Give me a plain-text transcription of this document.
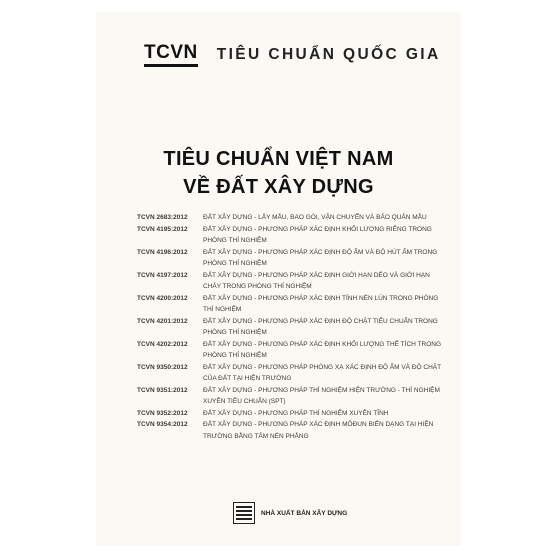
TCVN TIÊU CHUẨN QUỐC GIA
TIÊU CHUẨN VIỆT NAM
VỀ ĐẤT XÂY DỰNG
TCVN 2683:2012	ĐẤT XÂY DỰNG - LẤY MẪU, BAO GÓI, VẬN CHUYỂN VÀ BẢO QUẢN MẪU
TCVN 4195:2012	ĐẤT XÂY DỰNG - PHƯƠNG PHÁP XÁC ĐỊNH KHỐI LƯỢNG RIÊNG TRONG PHÒNG THÍ NGHIỆM
TCVN 4196:2012	ĐẤT XÂY DỰNG - PHƯƠNG PHÁP XÁC ĐỊNH ĐỘ ẨM VÀ ĐỘ HÚT ẨM TRONG PHÒNG THÍ NGHIỆM
TCVN 4197:2012	ĐẤT XÂY DỰNG - PHƯƠNG PHÁP XÁC ĐỊNH GIỚI HẠN DẺO VÀ GIỚI HẠN CHẢY TRONG PHÒNG THÍ NGHIỆM
TCVN 4200:2012	ĐẤT XÂY DỰNG - PHƯƠNG PHÁP XÁC ĐỊNH TÍNH NÉN LÚN TRONG PHÒNG THÍ NGHIỆM
TCVN 4201:2012	ĐẤT XÂY DỰNG - PHƯƠNG PHÁP XÁC ĐỊNH ĐỘ CHẶT TIÊU CHUẨN TRONG PHÒNG THÍ NGHIỆM
TCVN 4202:2012	ĐẤT XÂY DỰNG - PHƯƠNG PHÁP XÁC ĐỊNH KHỐI LƯỢNG THỂ TÍCH TRONG PHÒNG THÍ NGHIỆM
TCVN 9350:2012	ĐẤT XÂY DỰNG - PHƯƠNG PHÁP PHÓNG XẠ XÁC ĐỊNH ĐỘ ẨM VÀ ĐỘ CHẶT CỦA ĐẤT TẠI HIỆN TRƯỜNG
TCVN 9351:2012	ĐẤT XÂY DỰNG - PHƯƠNG PHÁP THÍ NGHIỆM HIỆN TRƯỜNG - THÍ NGHIỆM XUYÊN TIÊU CHUẨN (SPT)
TCVN 9352:2012	ĐẤT XÂY DỰNG - PHƯƠNG PHÁP THÍ NGHIỆM XUYÊN TĨNH
TCVN 9354:2012	ĐẤT XÂY DỰNG - PHƯƠNG PHÁP XÁC ĐỊNH MÔĐUN BIẾN DẠNG TẠI HIỆN TRƯỜNG BẰNG TẤM NÉN PHẲNG
NHÀ XUẤT BẢN XÂY DỰNG
